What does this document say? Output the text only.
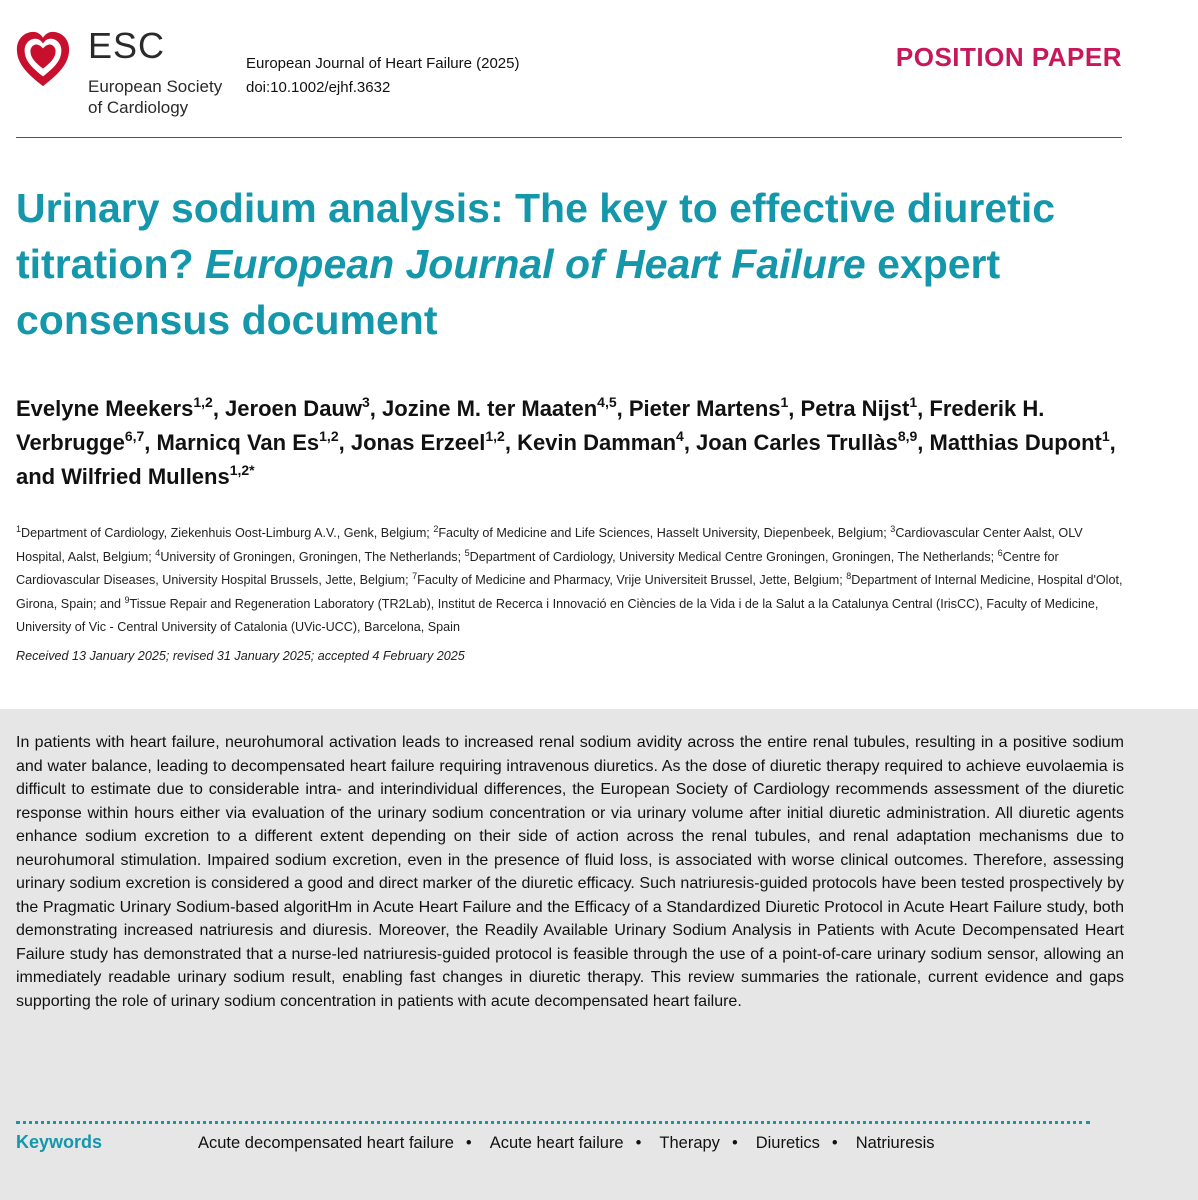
ESC
European Society
of Cardiology
European Journal of Heart Failure (2025)
doi:10.1002/ejhf.3632
POSITION PAPER
Urinary sodium analysis: The key to effective diuretic titration? European Journal of Heart Failure expert consensus document
Evelyne Meekers$^{1,2}$, Jeroen Dauw$^3$, Jozine M. ter Maaten$^{4,5}$, Pieter Martens$^1$, Petra Nijst$^1$, Frederik H. Verbrugge$^{6,7}$, Marnicq Van Es$^{1,2}$, Jonas Erzeel$^{1,2}$, Kevin Damman$^4$, Joan Carles Trullàs$^{8,9}$, Matthias Dupont$^1$, and Wilfried Mullens$^{1,2*}$
$^1$Department of Cardiology, Ziekenhuis Oost-Limburg A.V., Genk, Belgium; $^2$Faculty of Medicine and Life Sciences, Hasselt University, Diepenbeek, Belgium; $^3$Cardiovascular Center Aalst, OLV Hospital, Aalst, Belgium; $^4$University of Groningen, Groningen, The Netherlands; $^5$Department of Cardiology, University Medical Centre Groningen, Groningen, The Netherlands; $^6$Centre for Cardiovascular Diseases, University Hospital Brussels, Jette, Belgium; $^7$Faculty of Medicine and Pharmacy, Vrije Universiteit Brussel, Jette, Belgium; $^8$Department of Internal Medicine, Hospital d'Olot, Girona, Spain; and $^9$Tissue Repair and Regeneration Laboratory (TR2Lab), Institut de Recerca i Innovació en Ciències de la Vida i de la Salut a la Catalunya Central (IrisCC), Faculty of Medicine, University of Vic - Central University of Catalonia (UVic-UCC), Barcelona, Spain
Received 13 January 2025; revised 31 January 2025; accepted 4 February 2025

In patients with heart failure, neurohumoral activation leads to increased renal sodium avidity across the entire renal tubules, resulting in a positive sodium and water balance, leading to decompensated heart failure requiring intravenous diuretics. As the dose of diuretic therapy required to achieve euvolaemia is difficult to estimate due to considerable intra- and interindividual differences, the European Society of Cardiology recommends assessment of the diuretic response within hours either via evaluation of the urinary sodium concentration or via urinary volume after initial diuretic administration. All diuretic agents enhance sodium excretion to a different extent depending on their side of action across the renal tubules, and renal adaptation mechanisms due to neurohumoral stimulation. Impaired sodium excretion, even in the presence of fluid loss, is associated with worse clinical outcomes. Therefore, assessing urinary sodium excretion is considered a good and direct marker of the diuretic efficacy. Such natriuresis-guided protocols have been tested prospectively by the Pragmatic Urinary Sodium-based algoritHm in Acute Heart Failure and the Efficacy of a Standardized Diuretic Protocol in Acute Heart Failure study, both demonstrating increased natriuresis and diuresis. Moreover, the Readily Available Urinary Sodium Analysis in Patients with Acute Decompensated Heart Failure study has demonstrated that a nurse-led natriuresis-guided protocol is feasible through the use of a point-of-care urinary sodium sensor, allowing an immediately readable urinary sodium result, enabling fast changes in diuretic therapy. This review summaries the rationale, current evidence and gaps supporting the role of urinary sodium concentration in patients with acute decompensated heart failure.

Keywords	Acute decompensated heart failure • Acute heart failure • Therapy • Diuretics • Natriuresis
